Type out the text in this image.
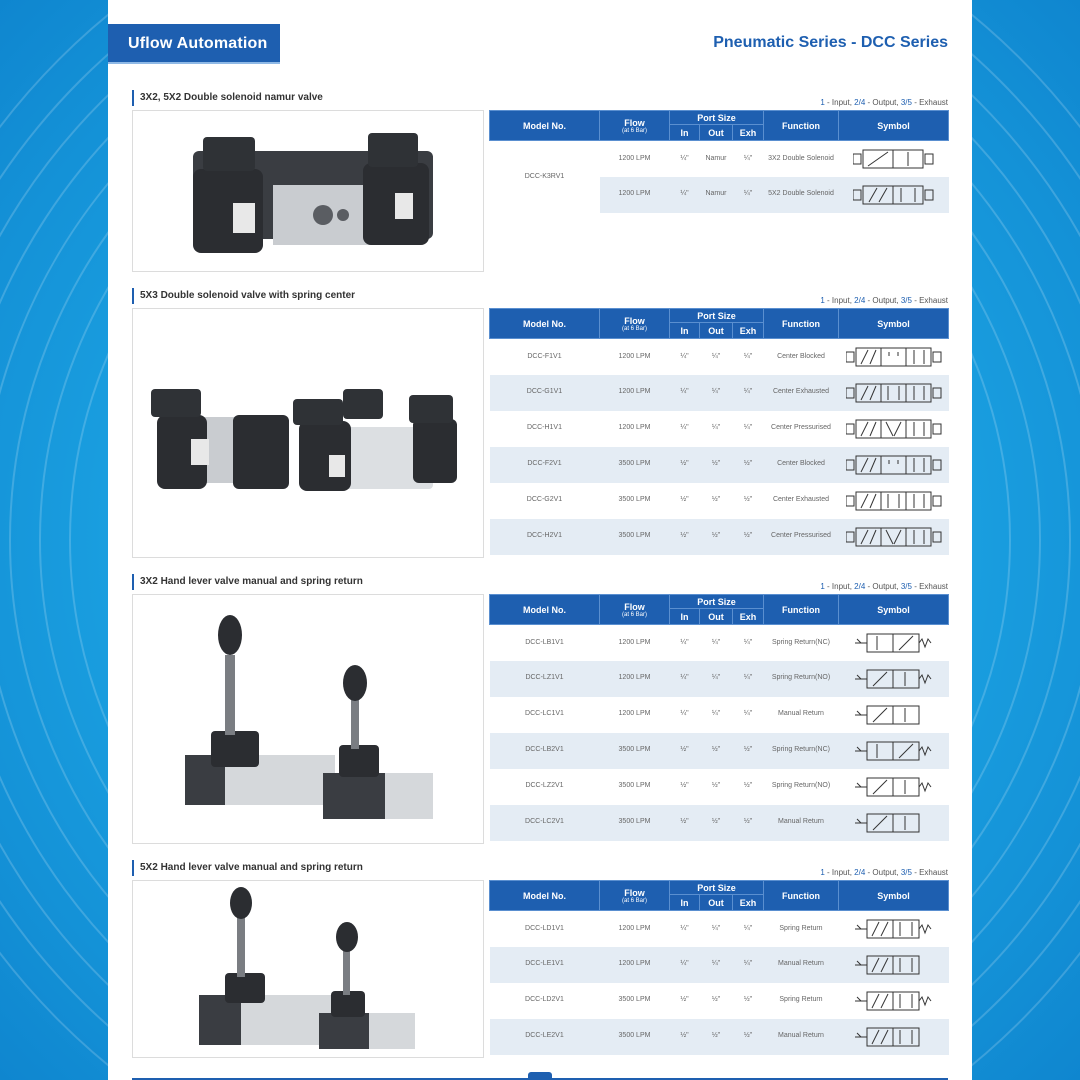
Uflow Automation	Pneumatic Series - DCC Series
3X2, 5X2 Double solenoid namur valve	1 - Input, 2/4 - Output, 3/5 - Exhaust
Model No.	Flow
(at 6 Bar)	Port Size			Function	Symbol
		In	Out	Exh		
DCC-K3RV1	1200 LPM	¼"	Namur	¼"	3X2 Double Solenoid	
	1200 LPM	¼"	Namur	¼"	5X2 Double Solenoid	
5X3 Double solenoid valve with spring center	1 - Input, 2/4 - Output, 3/5 - Exhaust
Model No.	Flow
(at 6 Bar)	Port Size			Function	Symbol
		In	Out	Exh		
DCC-F1V1	1200 LPM	¼"	¼"	¼"	Center Blocked	
DCC-G1V1	1200 LPM	¼"	¼"	¼"	Center Exhausted	
DCC-H1V1	1200 LPM	¼"	¼"	¼"	Center Pressurised	
DCC-F2V1	3500 LPM	½"	½"	½"	Center Blocked	
DCC-G2V1	3500 LPM	½"	½"	½"	Center Exhausted	
DCC-H2V1	3500 LPM	½"	½"	½"	Center Pressurised	
3X2 Hand lever valve manual and spring return	1 - Input, 2/4 - Output, 3/5 - Exhaust
Model No.	Flow
(at 6 Bar)	Port Size			Function	Symbol
		In	Out	Exh		
DCC-LB1V1	1200 LPM	¼"	¼"	¼"	Spring Return(NC)	
DCC-LZ1V1	1200 LPM	¼"	¼"	¼"	Spring Return(NO)	
DCC-LC1V1	1200 LPM	¼"	¼"	¼"	Manual Return	
DCC-LB2V1	3500 LPM	½"	½"	½"	Spring Return(NC)	
DCC-LZ2V1	3500 LPM	½"	½"	½"	Spring Return(NO)	
DCC-LC2V1	3500 LPM	½"	½"	½"	Manual Return	
5X2 Hand lever valve manual and spring return	1 - Input, 2/4 - Output, 3/5 - Exhaust
Model No.	Flow
(at 6 Bar)	Port Size			Function	Symbol
		In	Out	Exh		
DCC-LD1V1	1200 LPM	¼"	¼"	¼"	Spring Return	
DCC-LE1V1	1200 LPM	¼"	¼"	¼"	Manual Return	
DCC-LD2V1	3500 LPM	½"	½"	½"	Spring Return	
DCC-LE2V1	3500 LPM	½"	½"	½"	Manual Return	
